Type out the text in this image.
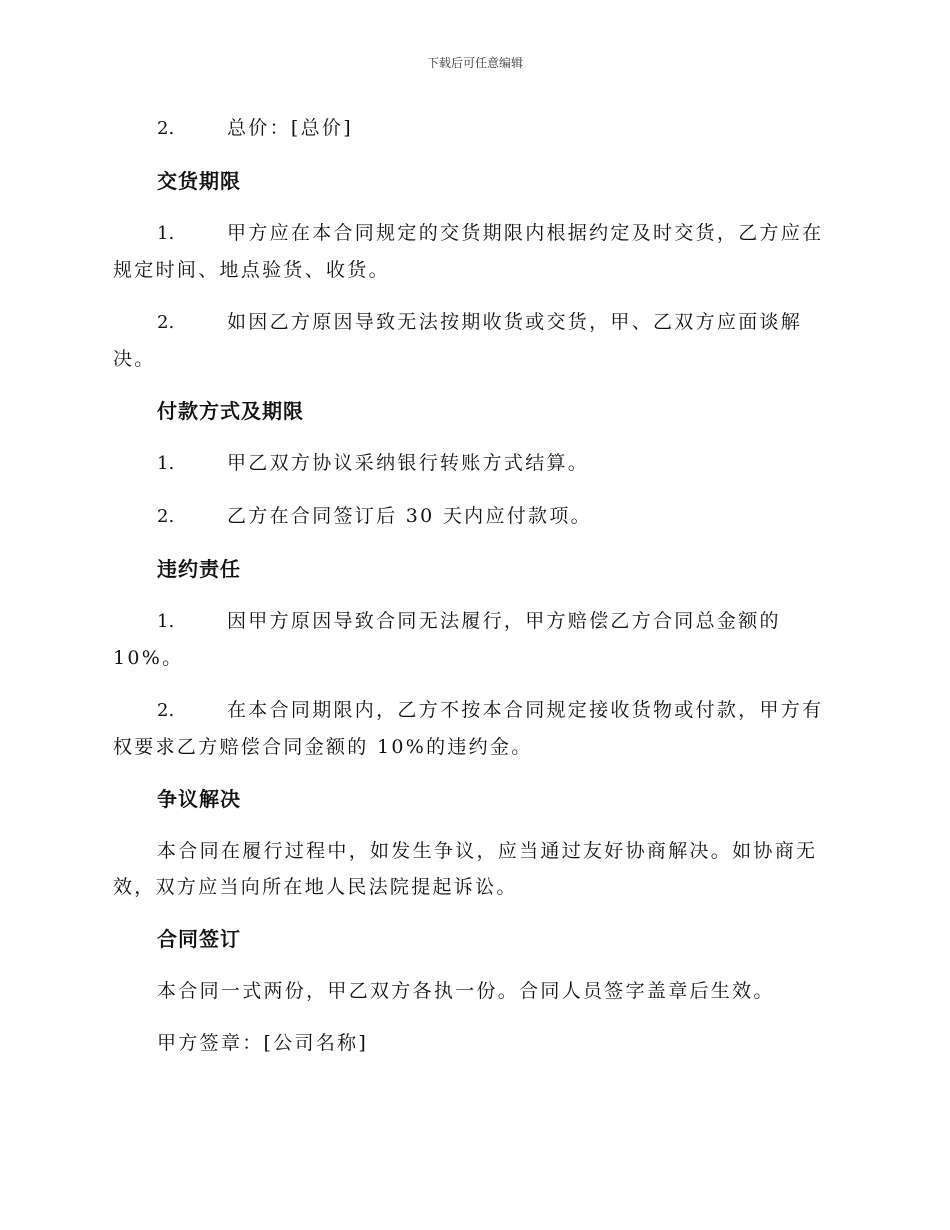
下载后可任意编辑
2.	总价：[总价]
交货期限
1.	甲方应在本合同规定的交货期限内根据约定及时交货，乙方应在规定时间、地点验货、收货。
2.	如因乙方原因导致无法按期收货或交货，甲、乙双方应面谈解决。
付款方式及期限
1.	甲乙双方协议采纳银行转账方式结算。
2.	乙方在合同签订后 30 天内应付款项。
违约责任
1.	因甲方原因导致合同无法履行，甲方赔偿乙方合同总金额的10%。
2.	在本合同期限内，乙方不按本合同规定接收货物或付款，甲方有权要求乙方赔偿合同金额的 10%的违约金。
争议解决
本合同在履行过程中，如发生争议，应当通过友好协商解决。如协商无效，双方应当向所在地人民法院提起诉讼。
合同签订
本合同一式两份，甲乙双方各执一份。合同人员签字盖章后生效。
甲方签章：[公司名称]
